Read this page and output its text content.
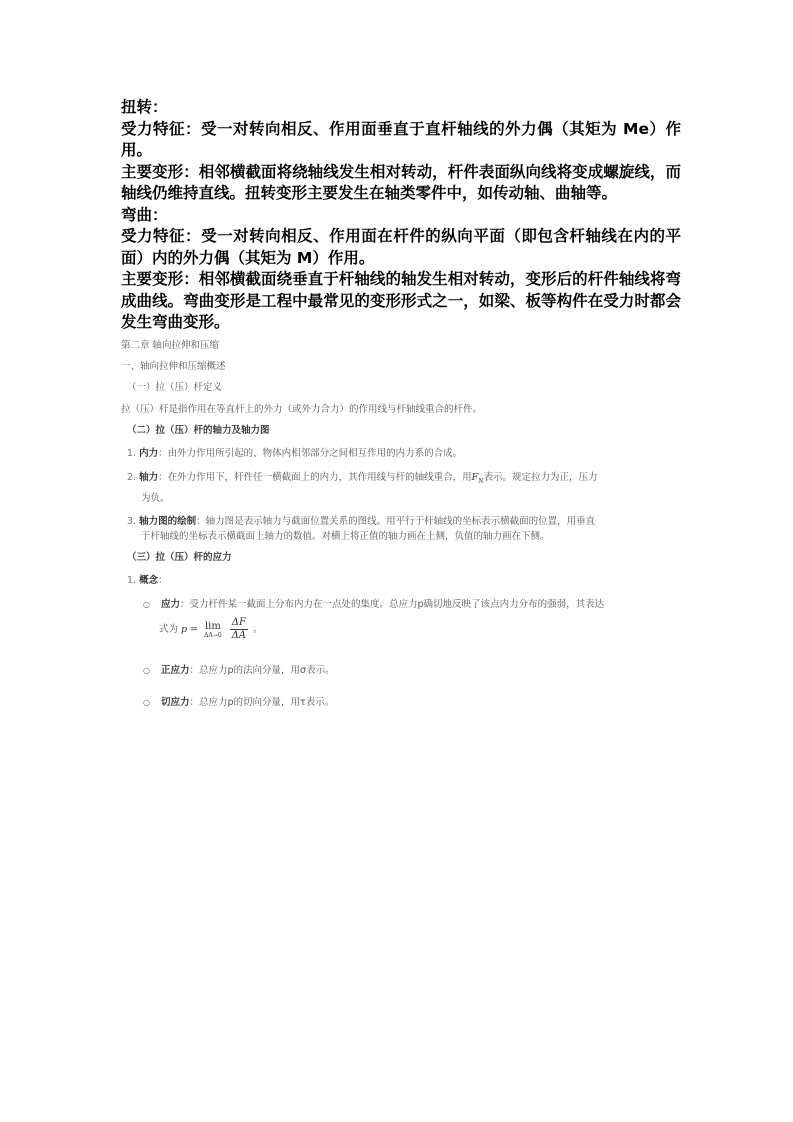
扭转：

受力特征：受一对转向相反、作用面垂直于直杆轴线的外力偶（其矩为 Me）作用。

主要变形：相邻横截面将绕轴线发生相对转动，杆件表面纵向线将变成螺旋线，而轴线仍维持直线。扭转变形主要发生在轴类零件中，如传动轴、曲轴等。

弯曲：

受力特征：受一对转向相反、作用面在杆件的纵向平面（即包含杆轴线在内的平面）内的外力偶（其矩为 M）作用。

主要变形：相邻横截面绕垂直于杆轴线的轴发生相对转动，变形后的杆件轴线将弯成曲线。弯曲变形是工程中最常见的变形形式之一，如梁、板等构件在受力时都会发生弯曲变形。

第二章 轴向拉伸和压缩
一、轴向拉伸和压缩概述
（一）拉（压）杆定义
拉（压）杆是指作用在等直杆上的外力（或外力合力）的作用线与杆轴线重合的杆件。
（二）拉（压）杆的轴力及轴力图
1. 内力：由外力作用所引起的、物体内相邻部分之间相互作用的内力系的合成。
2. 轴力：在外力作用下，杆件任一横截面上的内力，其作用线与杆的轴线重合，用$F_N$表示。规定拉力为正，压力
为负。
3. 轴力图的绘制：轴力图是表示轴力与截面位置关系的图线。用平行于杆轴线的坐标表示横截面的位置，用垂直
于杆轴线的坐标表示横截面上轴力的数值。对横上将正值的轴力画在上侧，负值的轴力画在下侧。
（三）拉（压）杆的应力
1. 概念：
○ 应力：受力杆件某一截面上分布内力在一点处的集度。总应力p确切地反映了该点内力分布的强弱，其表达
式为 p = lim
ΔA→0
$\frac{\Delta F}{\Delta A}$ 。
○ 正应力：总应力p的法向分量，用σ表示。
○ 切应力：总应力p的切向分量，用τ表示。
